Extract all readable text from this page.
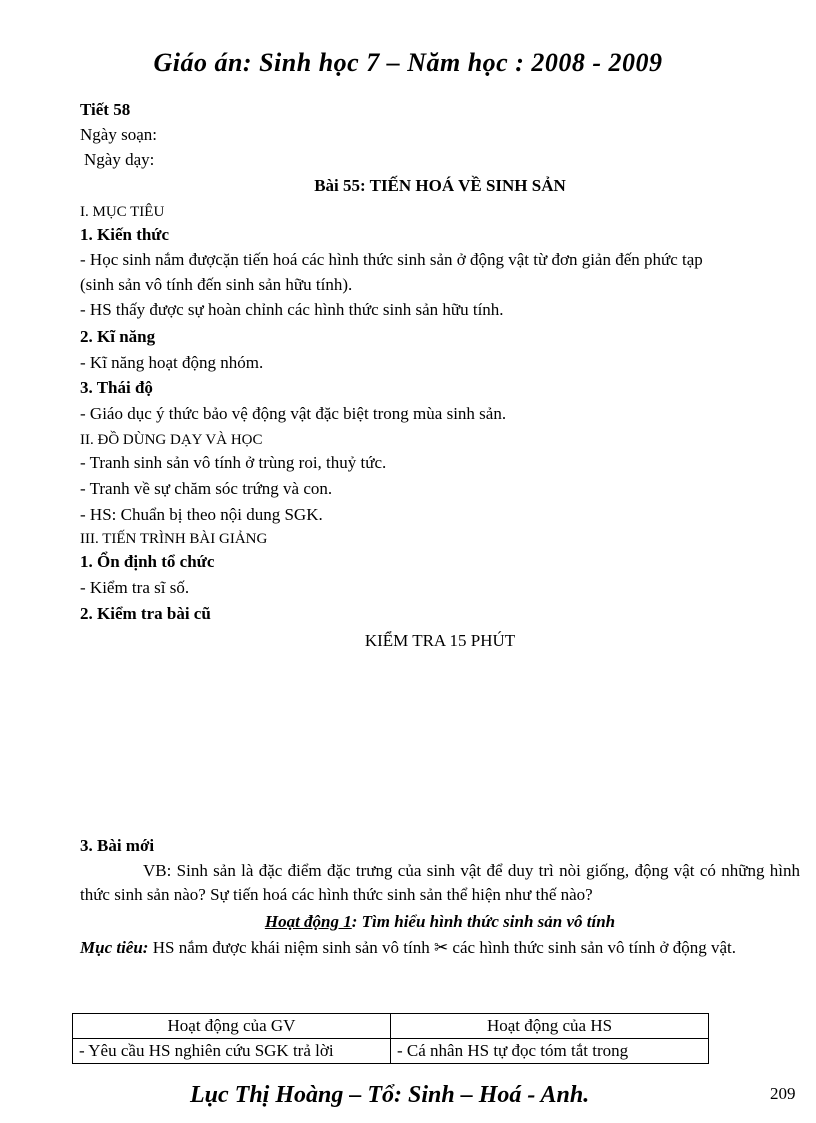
Giáo án: Sinh học 7 – Năm học : 2008 - 2009
Tiết 58
Ngày soạn:
Ngày dạy:
Bài 55: TIẾN HOÁ VỀ SINH SẢN
I. MỤC TIÊU
1. Kiến thức
- Học sinh nắm đượcặn tiến hoá các hình thức sinh sản ở động vật từ đơn giản đến phức tạp
(sinh sản vô tính đến sinh sản hữu tính).
- HS thấy được sự hoàn chỉnh các hình thức sinh sản hữu tính.
2. Kĩ năng
- Kĩ năng hoạt động nhóm.
3. Thái độ
- Giáo dục ý thức bảo vệ động vật đặc biệt trong mùa sinh sản.
II. ĐỒ DÙNG DẠY VÀ HỌC
- Tranh sinh sản vô tính ở trùng roi, thuỷ tức.
- Tranh về sự chăm sóc trứng và con.
- HS: Chuẩn bị theo nội dung SGK.
III. TIẾN TRÌNH BÀI GIẢNG
1. Ổn định tổ chức
- Kiểm tra sĩ số.
2. Kiểm tra bài cũ
KIỂM TRA 15 PHÚT
3. Bài mới
VB: Sinh sản là đặc điểm đặc trưng của sinh vật để duy trì nòi giống, động vật có những hình thức sinh sản nào? Sự tiến hoá các hình thức sinh sản thể hiện như thế nào?
Hoạt động 1: Tìm hiểu hình thức sinh sản vô tính
Mục tiêu: HS nắm được khái niệm sinh sản vô tính ✂ các hình thức sinh sản vô tính ở động vật.
Hoạt động của GV	Hoạt động của HS
- Yêu cầu HS nghiên cứu SGK trả lời	- Cá nhân HS tự đọc tóm tắt trong
Lục Thị Hoàng – Tổ: Sinh – Hoá - Anh.	209
